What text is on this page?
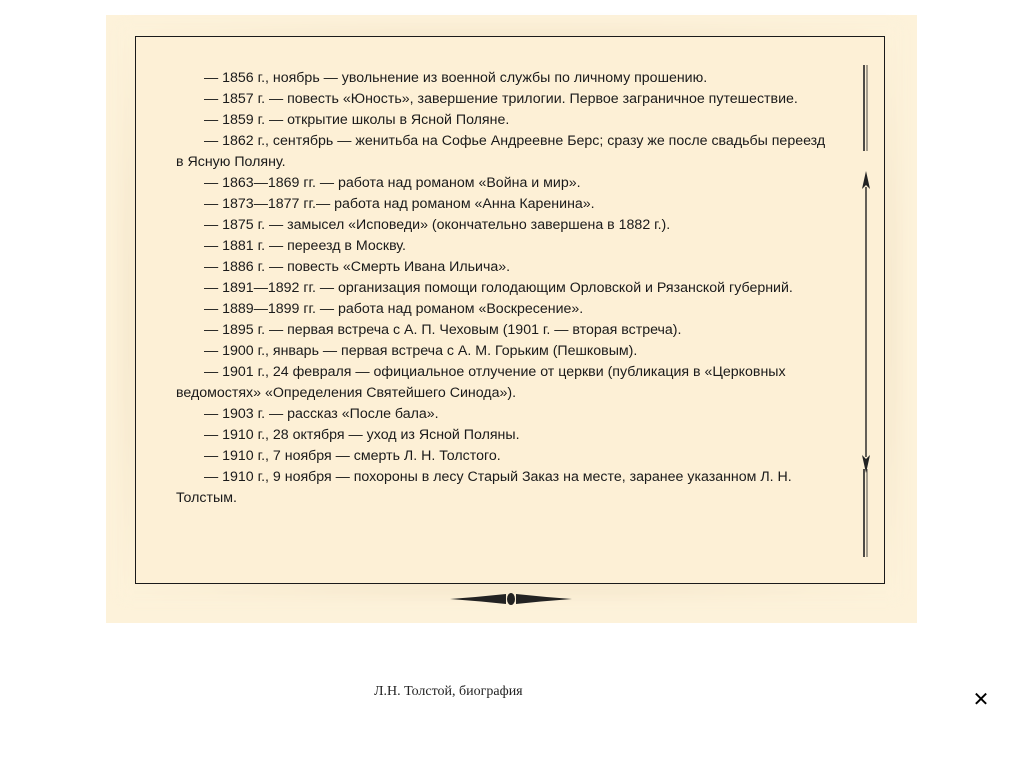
— 1856 г., ноябрь — увольнение из военной службы по личному прошению.

— 1857 г. — повесть «Юность», завершение трилогии. Первое заграничное путешествие.

— 1859 г. — открытие школы в Ясной Поляне.

— 1862 г., сентябрь — женитьба на Софье Андреевне Берс; сразу же после свадьбы переезд в Ясную Поляну.

— 1863—1869 гг. — работа над романом «Война и мир».

— 1873—1877 гг.— работа над романом «Анна Каренина».

— 1875 г. — замысел «Исповеди» (окончательно завершена в 1882 г.).

— 1881 г. — переезд в Москву.

— 1886 г. — повесть «Смерть Ивана Ильича».

— 1891—1892 гг. — организация помощи голодающим Орловской и Рязанской губерний.

— 1889—1899 гг. — работа над романом «Воскресение».

— 1895 г. — первая встреча с А. П. Чеховым (1901 г. — вторая встреча).

— 1900 г., январь — первая встреча с А. М. Горьким (Пешковым).

— 1901 г., 24 февраля — официальное отлучение от церкви (публикация в «Церковных ведомостях» «Определения Святейшего Синода»).

— 1903 г. — рассказ «После бала».

— 1910 г., 28 октября — уход из Ясной Поляны.

— 1910 г., 7 ноября — смерть Л. Н. Толстого.

— 1910 г., 9 ноября — похороны в лесу Старый Заказ на месте, заранее указанном Л. Н. Толстым.

Л.Н. Толстой, биография	✕
